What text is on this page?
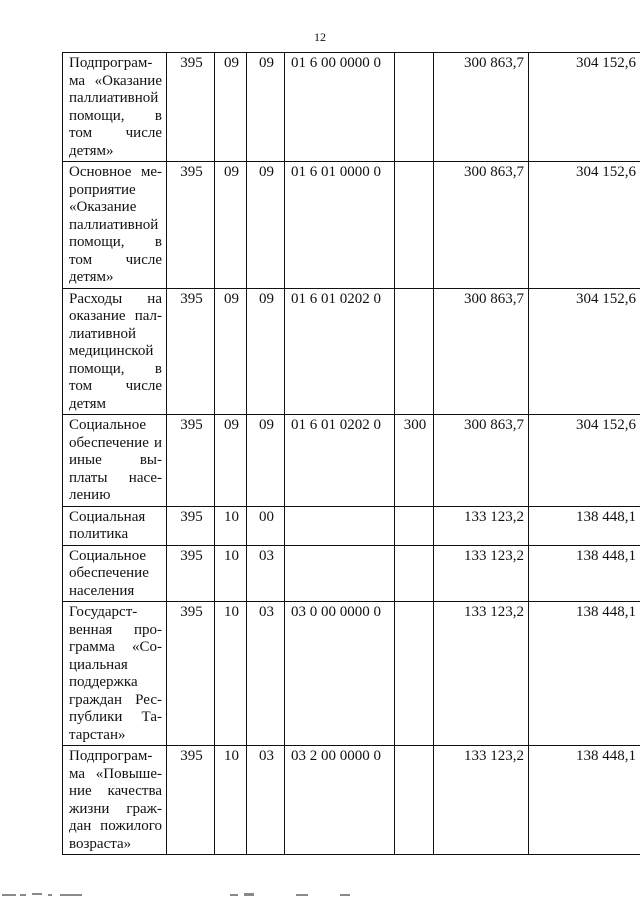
12
Подпрограм-ма «Оказание паллиативной помощи, в том числе детям»	395	09	09	01 6 00 0000 0		300 863,7	304 152,6
Основное ме-роприятие «Оказание паллиативной помощи, в том числе детям»	395	09	09	01 6 01 0000 0		300 863,7	304 152,6
Расходы на оказание пал-лиативной медицинской помощи, в том числе детям	395	09	09	01 6 01 0202 0		300 863,7	304 152,6
Социальное обеспечение и иные вы-платы насе-лению	395	09	09	01 6 01 0202 0	300	300 863,7	304 152,6
Социальная политика	395	10	00			133 123,2	138 448,1
Социальное обеспечение населения	395	10	03			133 123,2	138 448,1
Государст-венная про-грамма «Со-циальная поддержка граждан Рес-публики Та-тарстан»	395	10	03	03 0 00 0000 0		133 123,2	138 448,1
Подпрограм-ма «Повыше-ние качества жизни граж-дан пожилого возраста»	395	10	03	03 2 00 0000 0		133 123,2	138 448,1
